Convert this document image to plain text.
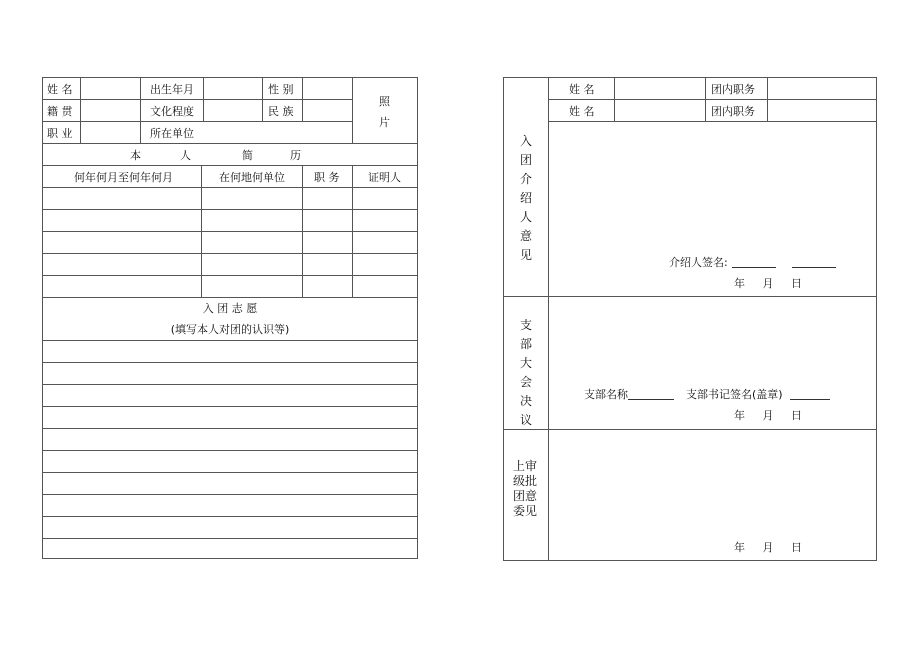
姓 名	出生年月	性 别
籍 贯	文化程度	民 族
职 业	所在单位
照
片
本	人	简	历
何年何月至何年何月	在何地何单位	职 务	证明人
入 团 志 愿
(填写本人对团的认识等)
姓 名	团内职务
姓 名	团内职务
入团介绍人意见
介绍人签名:
年 月 日
支部大会决议
支部名称	支部书记签名(盖章)
年 月 日
上审
级批
团意
委见
年 月 日
